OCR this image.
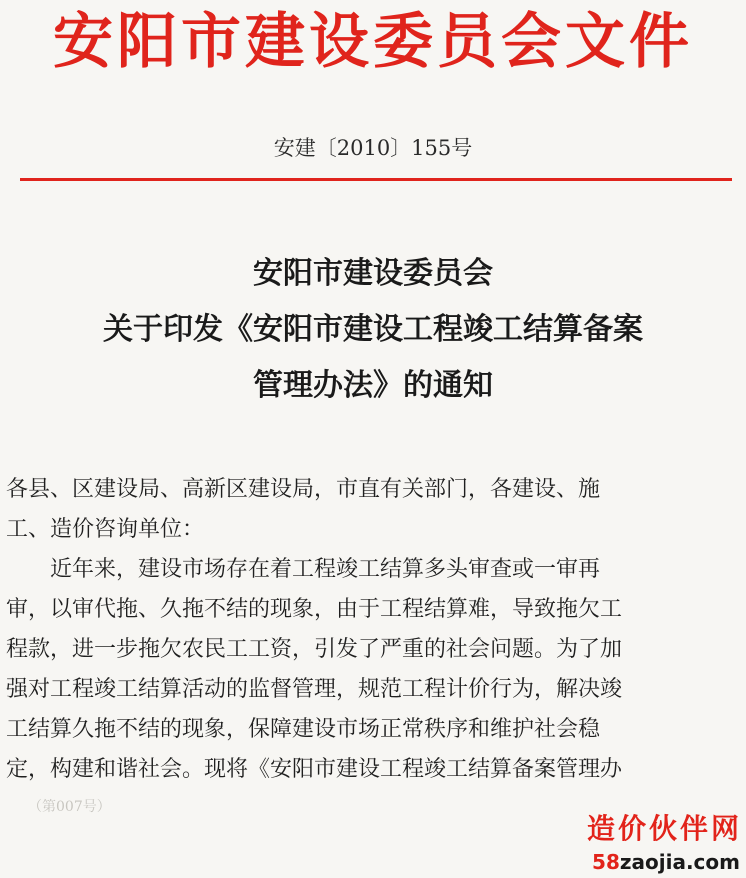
安阳市建设委员会文件
安建〔2010〕155号
安阳市建设委员会
关于印发《安阳市建设工程竣工结算备案
管理办法》的通知
各县、区建设局、高新区建设局，市直有关部门，各建设、施
工、造价咨询单位：
　　近年来，建设市场存在着工程竣工结算多头审查或一审再
审，以审代拖、久拖不结的现象，由于工程结算难，导致拖欠工
程款，进一步拖欠农民工工资，引发了严重的社会问题。为了加
强对工程竣工结算活动的监督管理，规范工程计价行为，解决竣
工结算久拖不结的现象，保障建设市场正常秩序和维护社会稳
定，构建和谐社会。现将《安阳市建设工程竣工结算备案管理办
（第007号）
造价伙伴网
58zaojia.com
